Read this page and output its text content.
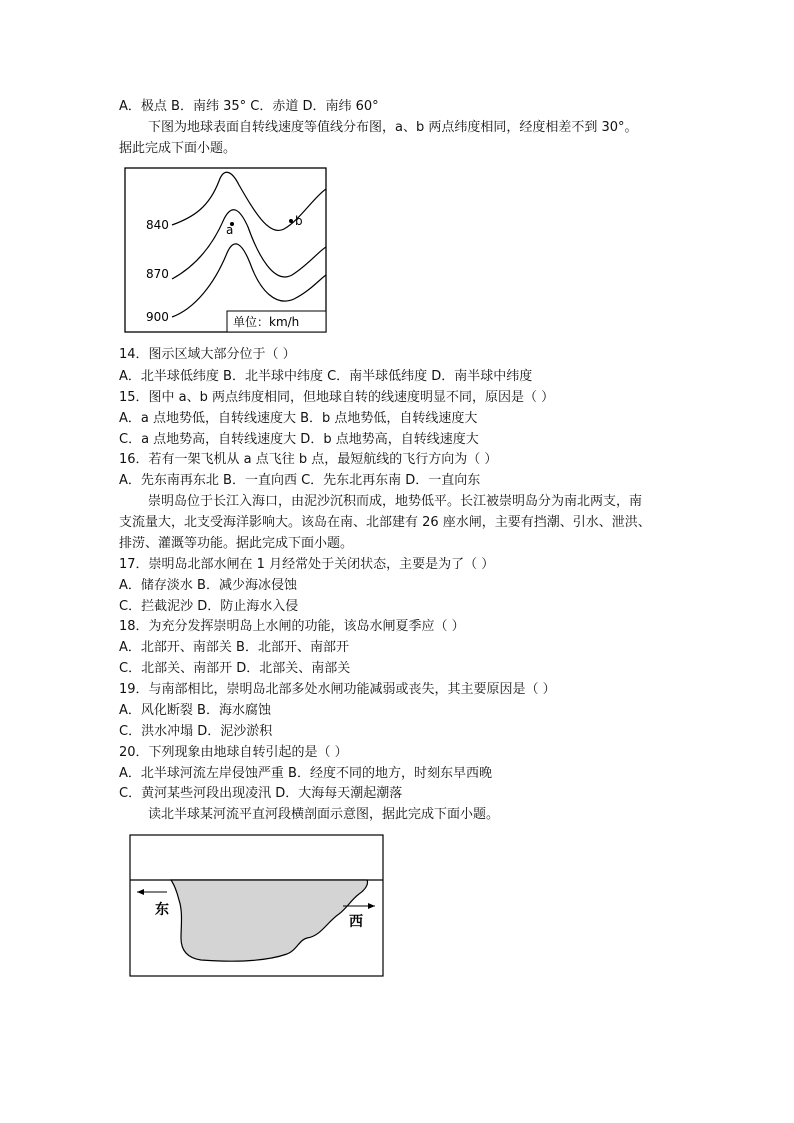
A．极点 B．南纬 35° C．赤道 D．南纬 60°
下图为地球表面自转线速度等值线分布图，a、b 两点纬度相同，经度相差不到 30°。
据此完成下面小题。
840
870
900
a
b
单位：km/h
14．图示区域大部分位于（ ）
A．北半球低纬度 B．北半球中纬度 C．南半球低纬度 D．南半球中纬度
15．图中 a、b 两点纬度相同，但地球自转的线速度明显不同，原因是（ ）
A．a 点地势低，自转线速度大 B．b 点地势低，自转线速度大
C．a 点地势高，自转线速度大 D．b 点地势高，自转线速度大
16．若有一架飞机从 a 点飞往 b 点，最短航线的飞行方向为（ ）
A．先东南再东北 B．一直向西 C．先东北再东南 D．一直向东
崇明岛位于长江入海口，由泥沙沉积而成，地势低平。长江被崇明岛分为南北两支，南
支流量大，北支受海洋影响大。该岛在南、北部建有 26 座水闸，主要有挡潮、引水、泄洪、
排涝、灌溉等功能。据此完成下面小题。
17．崇明岛北部水闸在 1 月经常处于关闭状态，主要是为了（ ）
A．储存淡水 B．减少海冰侵蚀
C．拦截泥沙 D．防止海水入侵
18．为充分发挥崇明岛上水闸的功能，该岛水闸夏季应（ ）
A．北部开、南部关 B．北部开、南部开
C．北部关、南部开 D．北部关、南部关
19．与南部相比，崇明岛北部多处水闸功能减弱或丧失，其主要原因是（ ）
A．风化断裂 B．海水腐蚀
C．洪水冲塌 D．泥沙淤积
20．下列现象由地球自转引起的是（ ）
A．北半球河流左岸侵蚀严重 B．经度不同的地方，时刻东早西晚
C．黄河某些河段出现凌汛 D．大海每天潮起潮落
读北半球某河流平直河段横剖面示意图，据此完成下面小题。
东
西
